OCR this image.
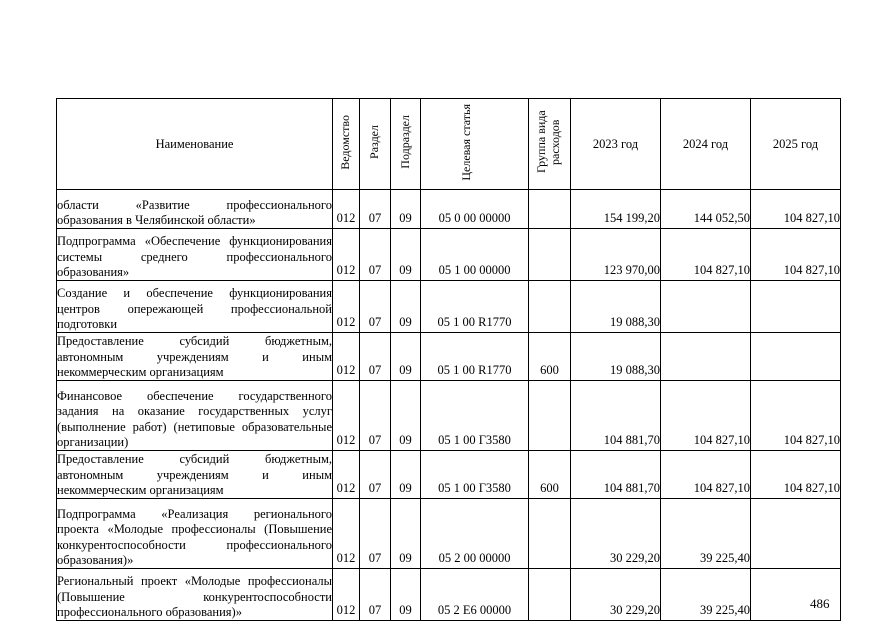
Наименование	Ведомство	Раздел	Подраздел	Целевая статья	Группа вида расходов	2023 год	2024 год	2025 год

области «Развитие профессионального образования в Челябинской области»	012	07	09	05 0 00 00000		154 199,20	144 052,50	104 827,10

Подпрограмма «Обеспечение функционирования системы среднего профессионального образования»	012	07	09	05 1 00 00000		123 970,00	104 827,10	104 827,10

Создание и обеспечение функционирования центров опережающей профессиональной подготовки	012	07	09	05 1 00 R1770		19 088,30		

Предоставление субсидий бюджетным, автономным учреждениям и иным некоммерческим организациям	012	07	09	05 1 00 R1770	600	19 088,30		

Финансовое обеспечение государственного задания на оказание государственных услуг (выполнение работ) (нетиповые образовательные организации)	012	07	09	05 1 00 Г3580		104 881,70	104 827,10	104 827,10

Предоставление субсидий бюджетным, автономным учреждениям и иным некоммерческим организациям	012	07	09	05 1 00 Г3580	600	104 881,70	104 827,10	104 827,10

Подпрограмма «Реализация регионального проекта «Молодые профессионалы (Повышение конкурентоспособности профессионального образования)»	012	07	09	05 2 00 00000		30 229,20	39 225,40	

Региональный проект «Молодые профессионалы (Повышение конкурентоспособности профессионального образования)»	012	07	09	05 2 E6 00000		30 229,20	39 225,40	
		486
